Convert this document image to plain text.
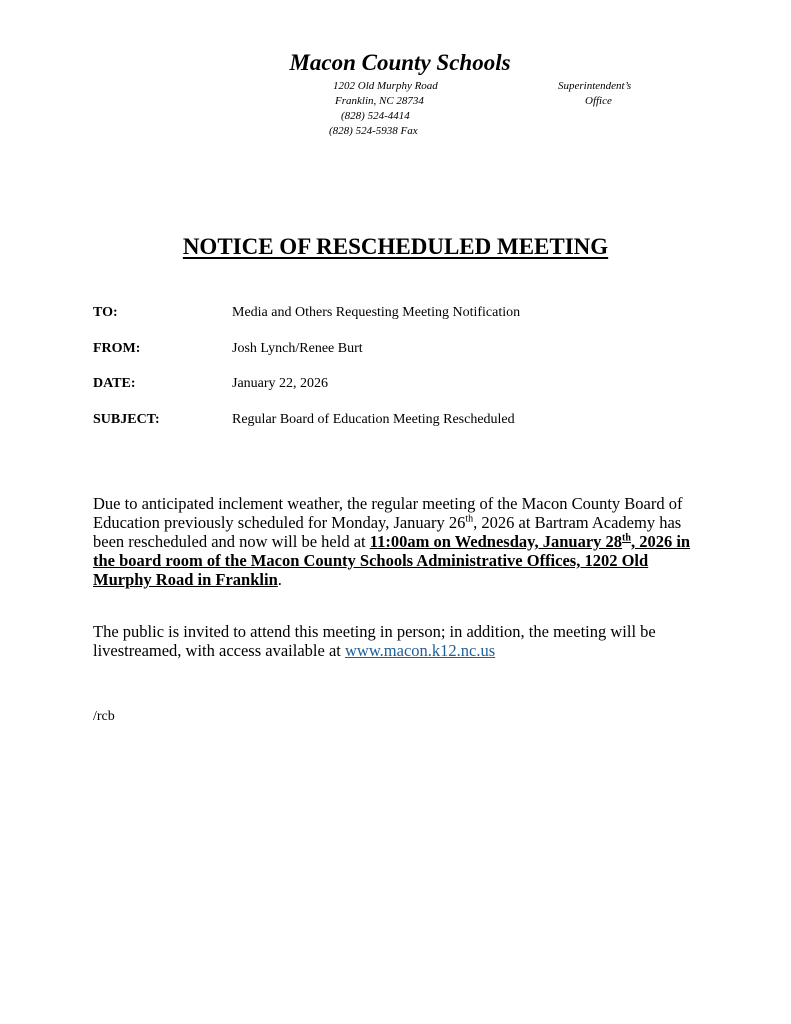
Macon County Schools
1202 Old Murphy Road
Franklin, NC 28734
(828) 524-4414
(828) 524-5938 Fax
Superintendent’s
Office
NOTICE OF RESCHEDULED MEETING
TO:	Media and Others Requesting Meeting Notification
FROM:	Josh Lynch/Renee Burt
DATE:	January 22, 2026
SUBJECT:	Regular Board of Education Meeting Rescheduled

Due to anticipated inclement weather, the regular meeting of the Macon County Board of Education previously scheduled for Monday, January 26th, 2026 at Bartram Academy has been rescheduled and now will be held at 11:00am on Wednesday, January 28th, 2026 in the board room of the Macon County Schools Administrative Offices, 1202 Old Murphy Road in Franklin.

The public is invited to attend this meeting in person; in addition, the meeting will be livestreamed, with access available at www.macon.k12.nc.us

/rcb
